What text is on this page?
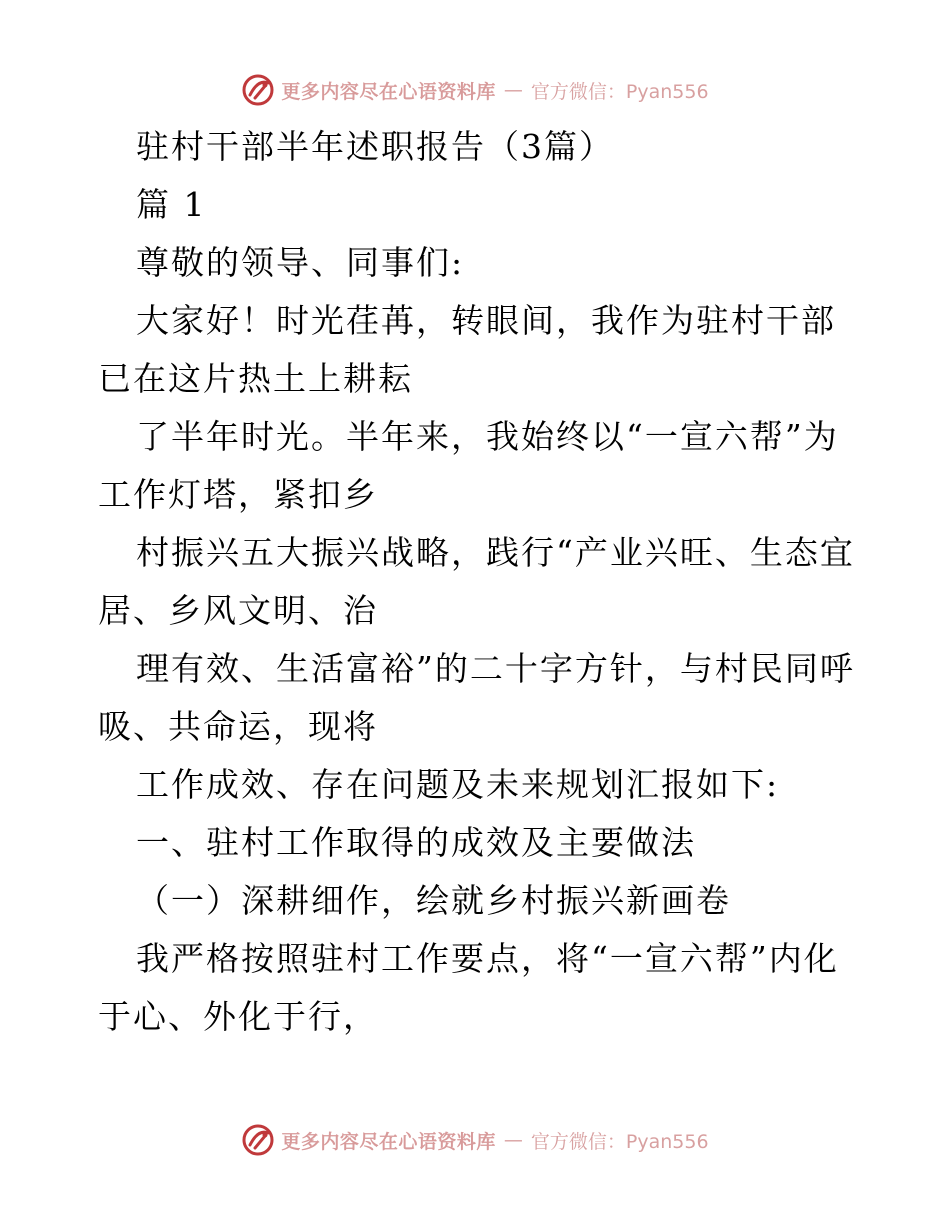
更多内容尽在心语资料库 — 官方微信：Pyan556

驻村干部半年述职报告（3篇）

篇 1

尊敬的领导、同事们:

大家好！时光荏苒，转眼间，我作为驻村干部已在这片热土上耕耘

了半年时光。半年来，我始终以“一宣六帮”为工作灯塔，紧扣乡

村振兴五大振兴战略，践行“产业兴旺、生态宜居、乡风文明、治

理有效、生活富裕”的二十字方针，与村民同呼吸、共命运，现将

工作成效、存在问题及未来规划汇报如下:

一、驻村工作取得的成效及主要做法

（一）深耕细作，绘就乡村振兴新画卷

我严格按照驻村工作要点，将“一宣六帮”内化于心、外化于行，

更多内容尽在心语资料库 — 官方微信：Pyan556
